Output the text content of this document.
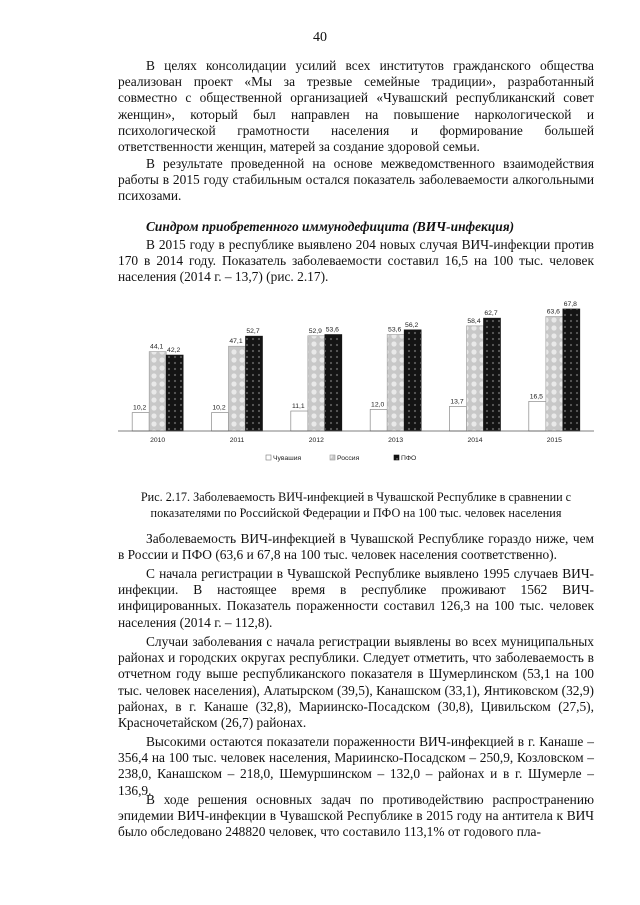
40

В целях консолидации усилий всех институтов гражданского общества реализован проект «Мы за трезвые семейные традиции», разработанный совместно с общественной организацией «Чувашский республиканский совет женщин», который был направлен на повышение наркологической и психологической грамотности населения и формирование большей ответственности женщин, матерей за создание здоровой семьи.

В результате проведенной на основе межведомственного взаимодействия работы в 2015 году стабильным остался показатель заболеваемости алкогольными психозами.

Синдром приобретенного иммунодефицита (ВИЧ-инфекция)

В 2015 году в республике выявлено 204 новых случая ВИЧ-инфекции против 170 в 2014 году. Показатель заболеваемости составил 16,5 на 100 тыс. человек населения (2014 г. – 13,7) (рис. 2.17).

10,2
44,1 42,2
10,2
47,1
52,7
11,1
52,9 53,6
12,0
53,6
56,2
13,7
58,4
62,7
16,5
63,6
67,8
2010	2011	2012	2013	2014	2015
Чувашия	Россия	ПФО
Рис. 2.17. Заболеваемость ВИЧ-инфекцией в Чувашской Республике в сравнении с показателями по Российской Федерации и ПФО на 100 тыс. человек населения

Заболеваемость ВИЧ-инфекцией в Чувашской Республике гораздо ниже, чем в России и ПФО (63,6 и 67,8 на 100 тыс. человек населения соответственно).

С начала регистрации в Чувашской Республике выявлено 1995 случаев ВИЧ-инфекции. В настоящее время в республике проживают 1562 ВИЧ-инфицированных. Показатель пораженности составил 126,3 на 100 тыс. человек населения (2014 г. – 112,8).

Случаи заболевания с начала регистрации выявлены во всех муниципальных районах и городских округах республики. Следует отметить, что заболеваемость в отчетном году выше республиканского показателя в Шумерлинском (53,1 на 100 тыс. человек населения), Алатырском (39,5), Канашском (33,1), Янтиковском (32,9) районах, в г. Канаше (32,8), Мариинско-Посадском (30,8), Цивильском (27,5), Красночетайском (26,7) районах.

Высокими остаются показатели пораженности ВИЧ-инфекцией в г. Канаше – 356,4 на 100 тыс. человек населения, Мариинско-Посадском – 250,9, Козловском – 238,0, Канашском – 218,0, Шемуршинском – 132,0 – районах и в г. Шумерле – 136,9.

В ходе решения основных задач по противодействию распространению эпидемии ВИЧ-инфекции в Чувашской Республике в 2015 году на антитела к ВИЧ было обследовано 248820 человек, что составило 113,1% от годового пла-
